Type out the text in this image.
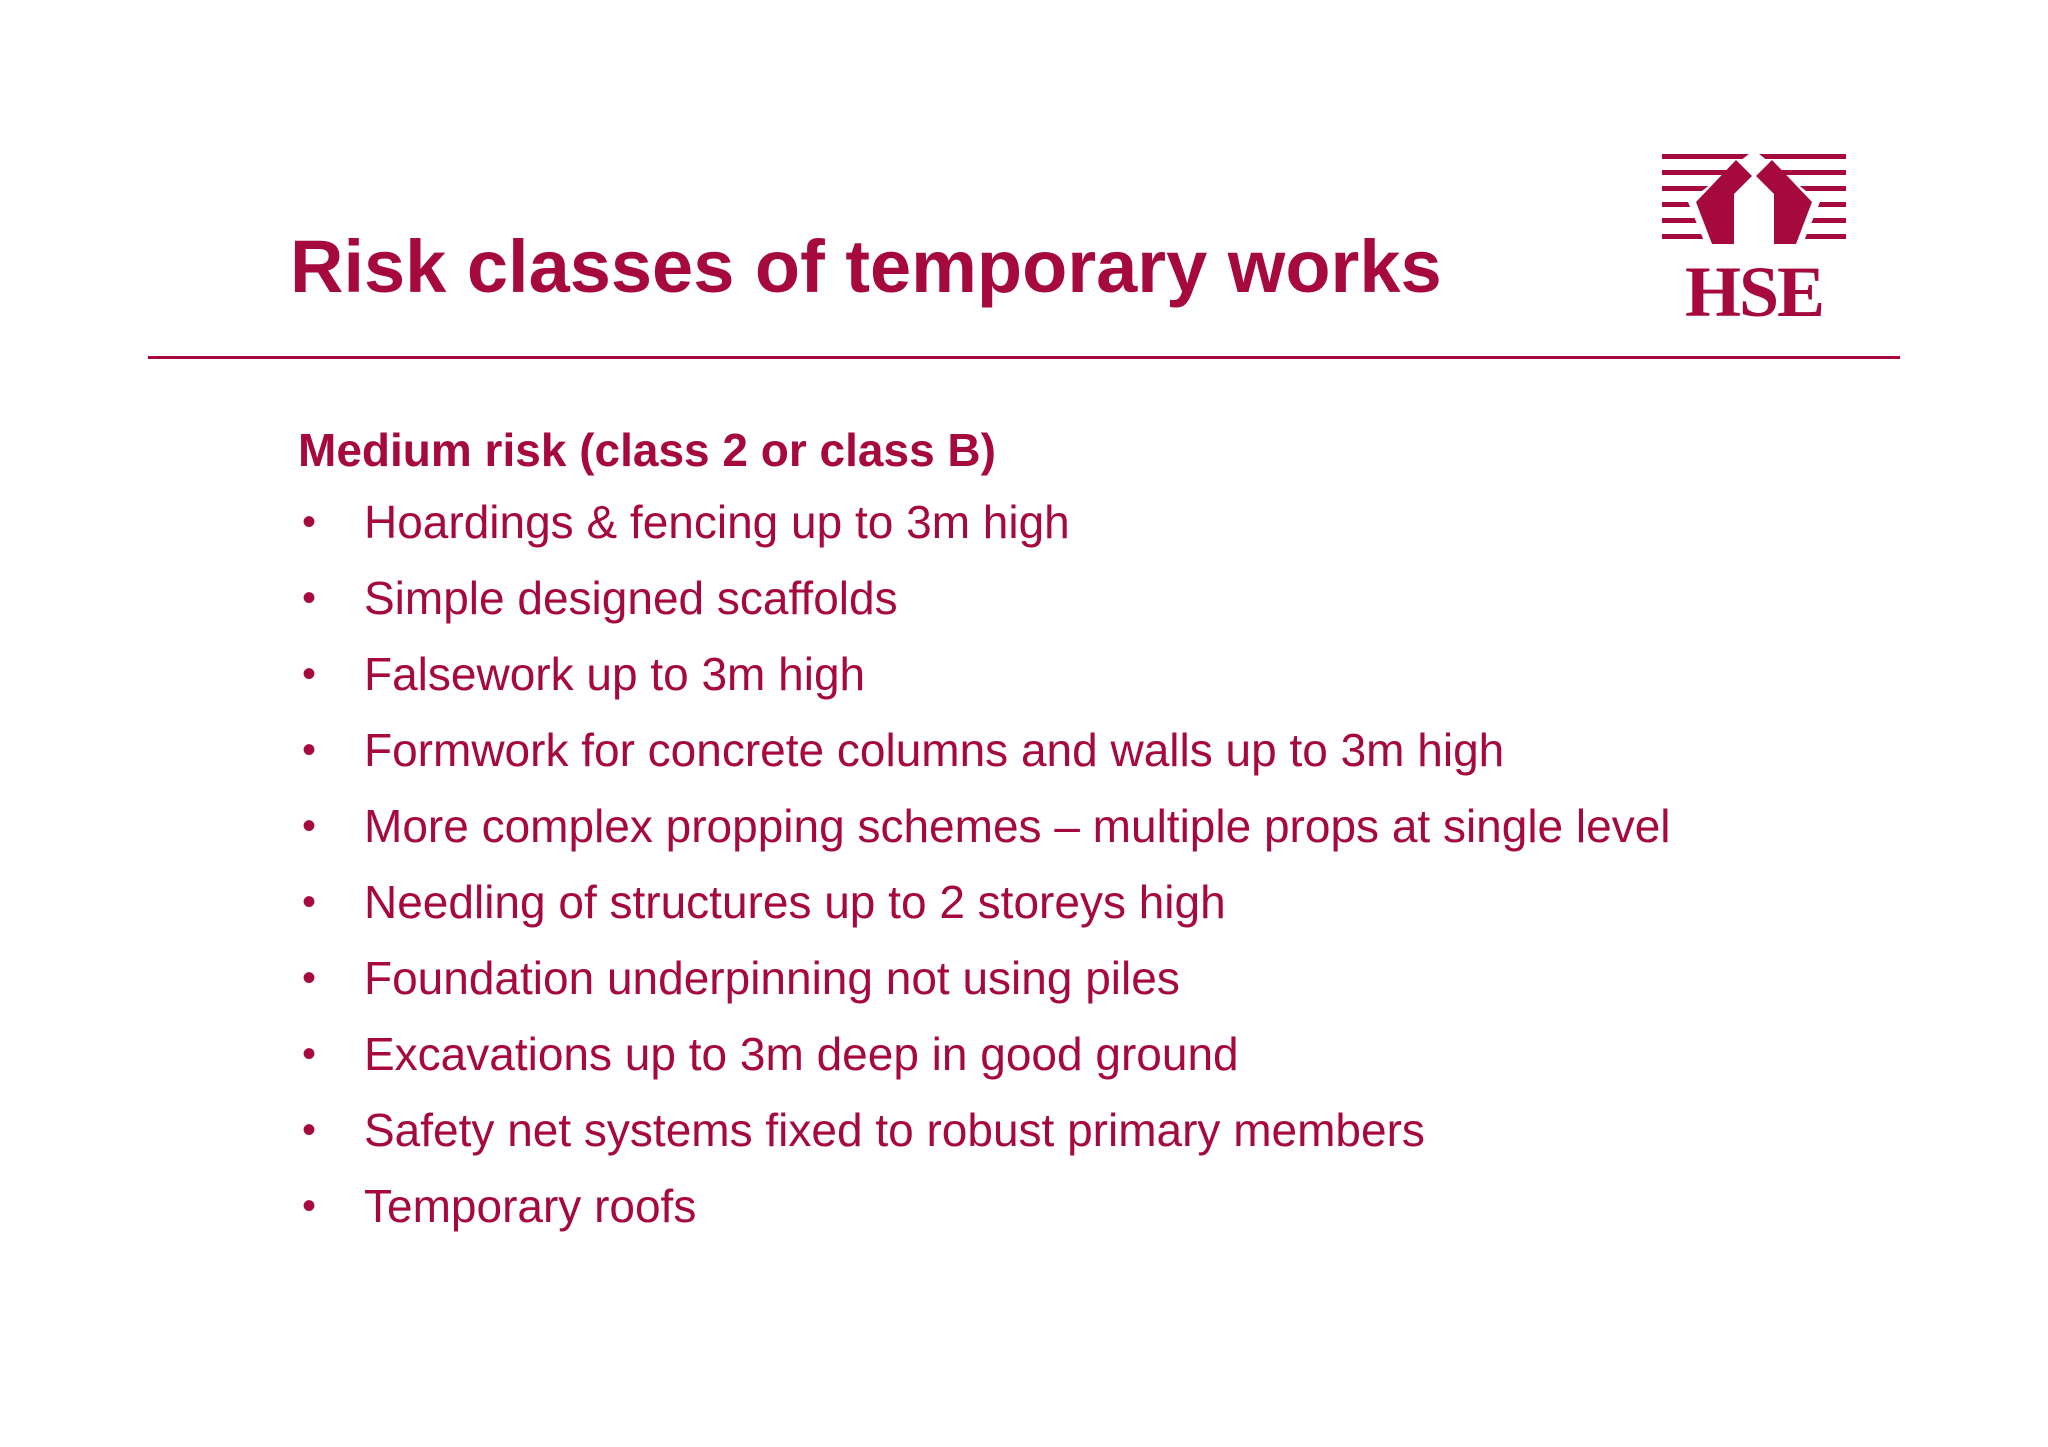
Risk classes of temporary works	HSE
Medium risk (class 2 or class B)
• Hoardings & fencing up to 3m high
• Simple designed scaffolds
• Falsework up to 3m high
• Formwork for concrete columns and walls up to 3m high
• More complex propping schemes – multiple props at single level
• Needling of structures up to 2 storeys high
• Foundation underpinning not using piles
• Excavations up to 3m deep in good ground
• Safety net systems fixed to robust primary members
• Temporary roofs
